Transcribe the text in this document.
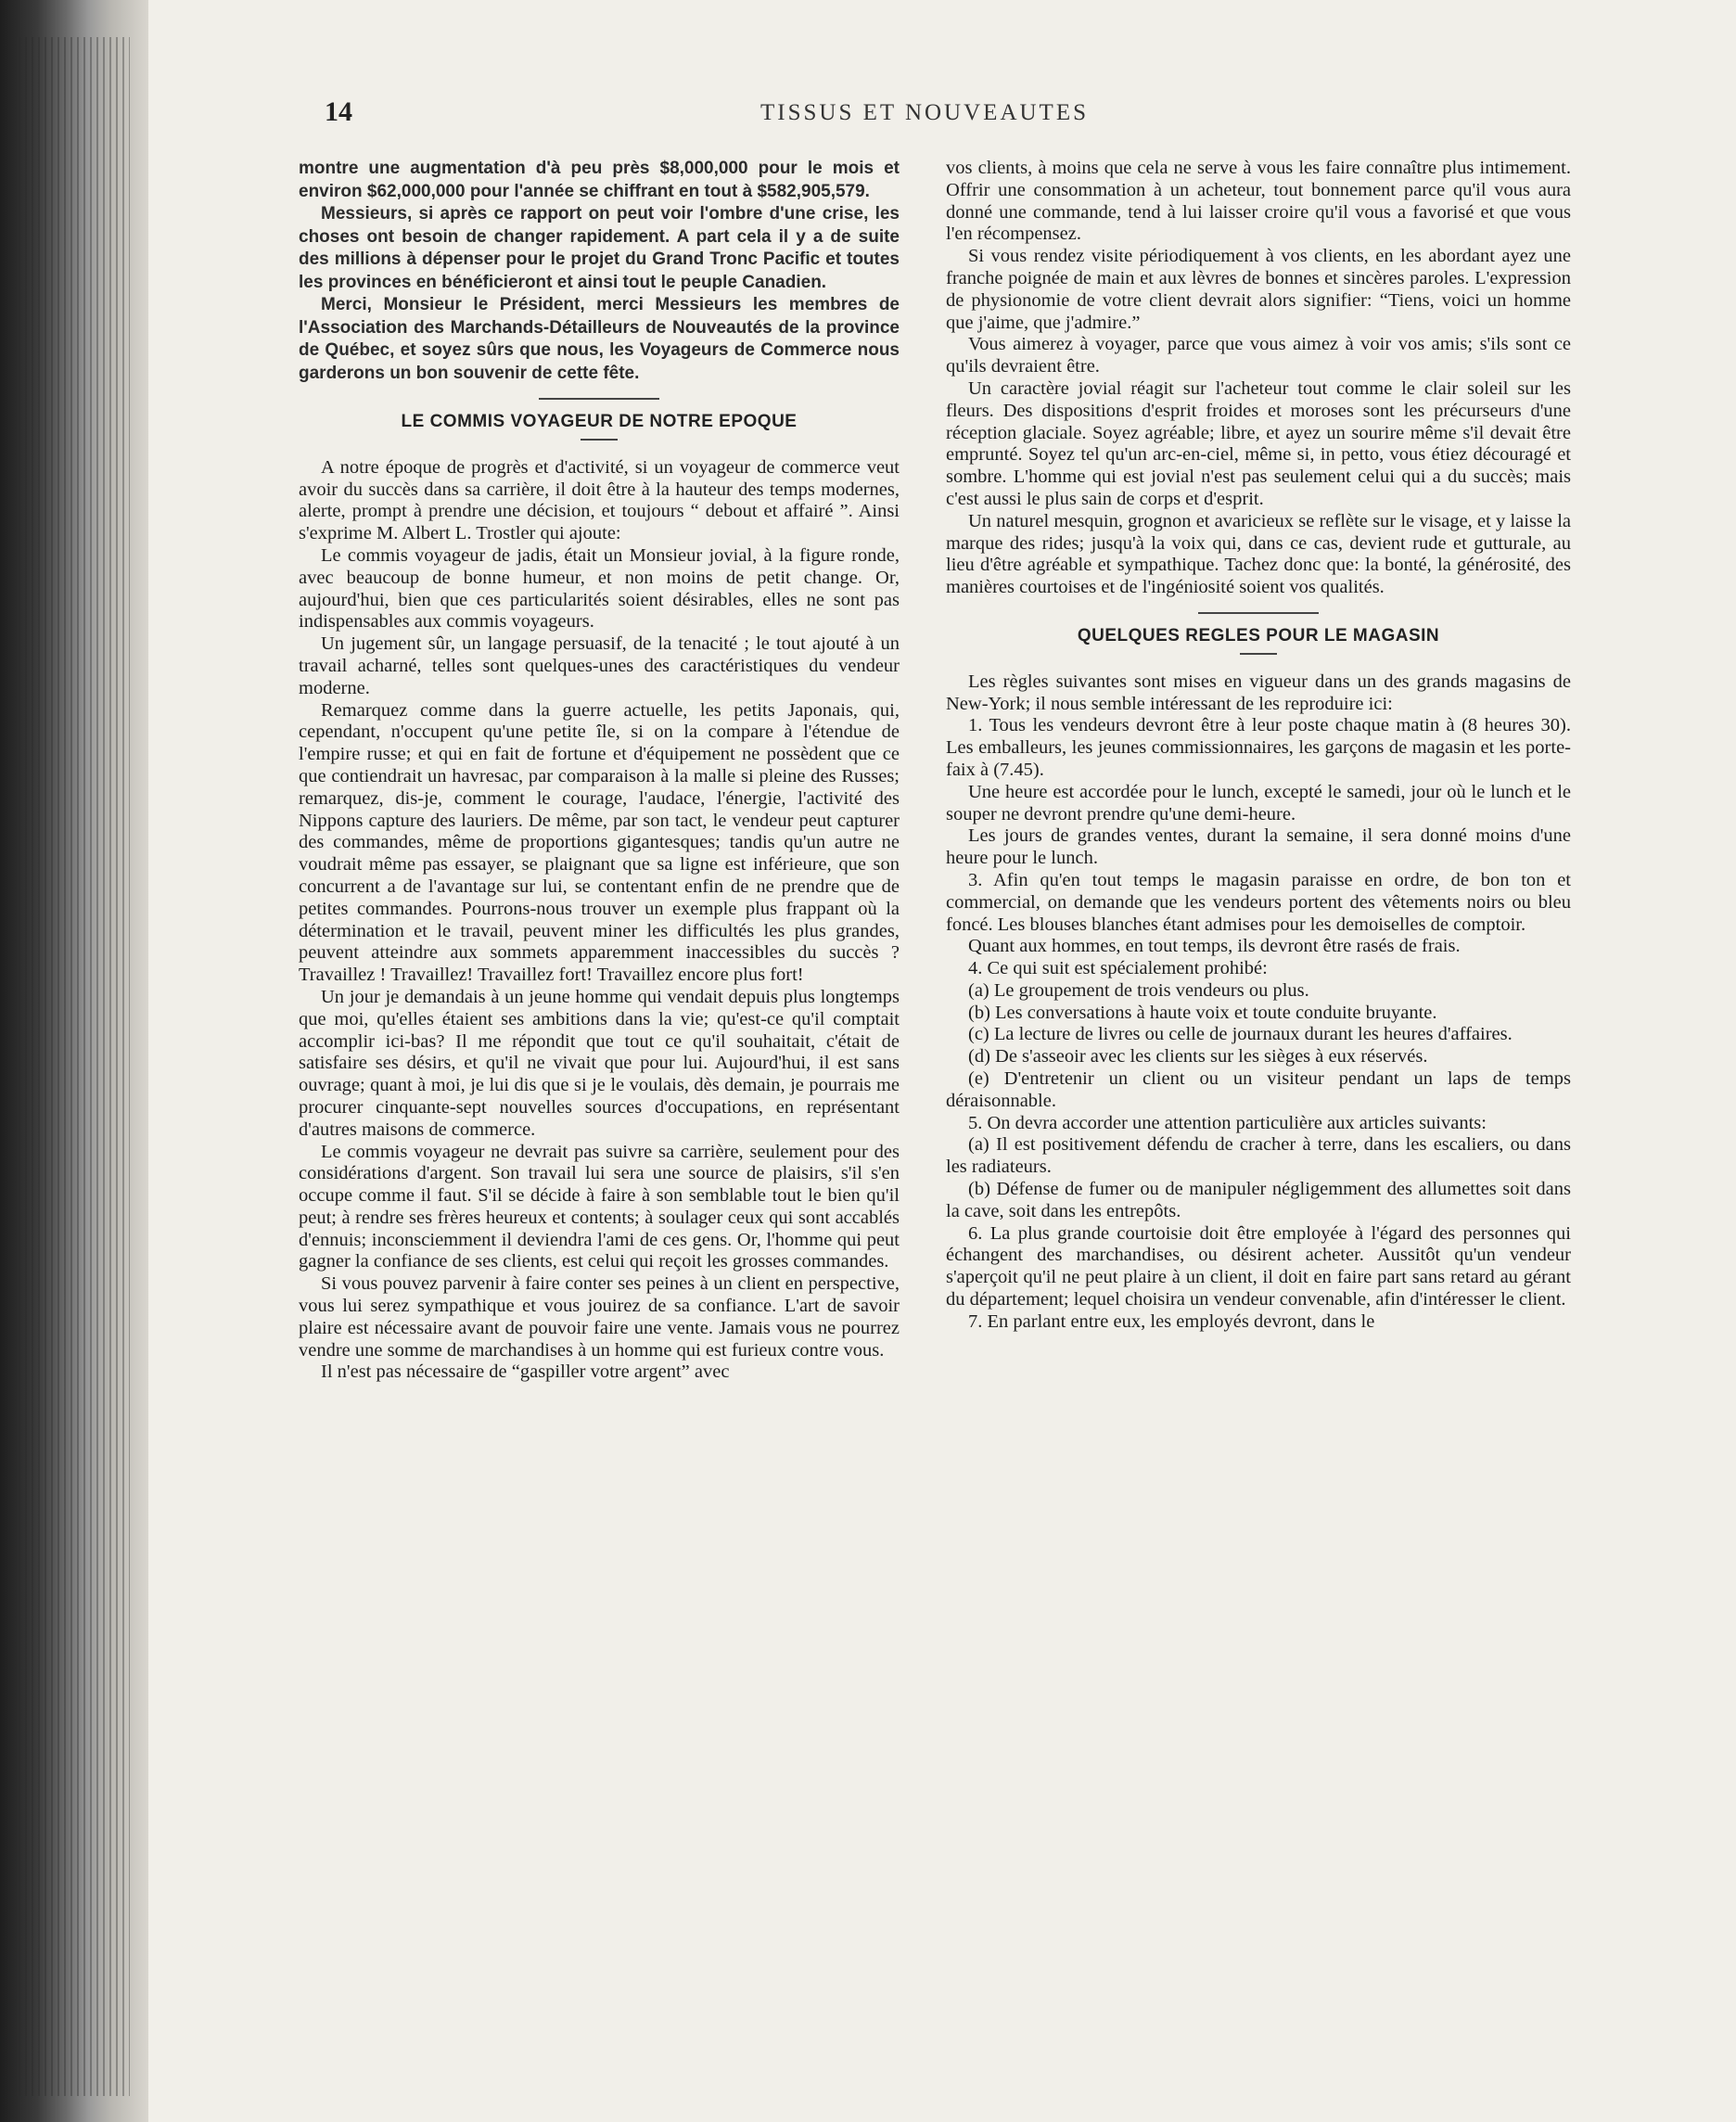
14	TISSUS ET NOUVEAUTES

montre une augmentation d'à peu près $8,000,000 pour le mois et environ $62,000,000 pour l'année se chiffrant en tout à $582,905,579.

Messieurs, si après ce rapport on peut voir l'ombre d'une crise, les choses ont besoin de changer rapidement. A part cela il y a de suite des millions à dépenser pour le projet du Grand Tronc Pacific et toutes les provinces en bénéficieront et ainsi tout le peuple Canadien.

Merci, Monsieur le Président, merci Messieurs les membres de l'Association des Marchands-Détailleurs de Nouveautés de la province de Québec, et soyez sûrs que nous, les Voyageurs de Commerce nous garderons un bon souvenir de cette fête.

LE COMMIS VOYAGEUR DE NOTRE EPOQUE

A notre époque de progrès et d'activité, si un voyageur de commerce veut avoir du succès dans sa carrière, il doit être à la hauteur des temps modernes, alerte, prompt à prendre une décision, et toujours “ debout et affairé ”. Ainsi s'exprime M. Albert L. Trostler qui ajoute:

Le commis voyageur de jadis, était un Monsieur jovial, à la figure ronde, avec beaucoup de bonne humeur, et non moins de petit change. Or, aujourd'hui, bien que ces particularités soient désirables, elles ne sont pas indispensables aux commis voyageurs.

Un jugement sûr, un langage persuasif, de la tenacité ; le tout ajouté à un travail acharné, telles sont quelques-unes des caractéristiques du vendeur moderne.

Remarquez comme dans la guerre actuelle, les petits Japonais, qui, cependant, n'occupent qu'une petite île, si on la compare à l'étendue de l'empire russe; et qui en fait de fortune et d'équipement ne possèdent que ce que contiendrait un havresac, par comparaison à la malle si pleine des Russes; remarquez, dis-je, comment le courage, l'audace, l'énergie, l'activité des Nippons capture des lauriers. De même, par son tact, le vendeur peut capturer des commandes, même de proportions gigantesques; tandis qu'un autre ne voudrait même pas essayer, se plaignant que sa ligne est inférieure, que son concurrent a de l'avantage sur lui, se contentant enfin de ne prendre que de petites commandes. Pourrons-nous trouver un exemple plus frappant où la détermination et le travail, peuvent miner les difficultés les plus grandes, peuvent atteindre aux sommets apparemment inaccessibles du succès ? Travaillez ! Travaillez! Travaillez fort! Travaillez encore plus fort!

Un jour je demandais à un jeune homme qui vendait depuis plus longtemps que moi, qu'elles étaient ses ambitions dans la vie; qu'est-ce qu'il comptait accomplir ici-bas? Il me répondit que tout ce qu'il souhaitait, c'était de satisfaire ses désirs, et qu'il ne vivait que pour lui. Aujourd'hui, il est sans ouvrage; quant à moi, je lui dis que si je le voulais, dès demain, je pourrais me procurer cinquante-sept nouvelles sources d'occupations, en représentant d'autres maisons de commerce.

Le commis voyageur ne devrait pas suivre sa carrière, seulement pour des considérations d'argent. Son travail lui sera une source de plaisirs, s'il s'en occupe comme il faut. S'il se décide à faire à son semblable tout le bien qu'il peut; à rendre ses frères heureux et contents; à soulager ceux qui sont accablés d'ennuis; inconsciemment il deviendra l'ami de ces gens. Or, l'homme qui peut gagner la confiance de ses clients, est celui qui reçoit les grosses commandes.

Si vous pouvez parvenir à faire conter ses peines à un client en perspective, vous lui serez sympathique et vous jouirez de sa confiance. L'art de savoir plaire est nécessaire avant de pouvoir faire une vente. Jamais vous ne pourrez vendre une somme de marchandises à un homme qui est furieux contre vous.

Il n'est pas nécessaire de “gaspiller votre argent” avec

vos clients, à moins que cela ne serve à vous les faire connaître plus intimement. Offrir une consommation à un acheteur, tout bonnement parce qu'il vous aura donné une commande, tend à lui laisser croire qu'il vous a favorisé et que vous l'en récompensez.

Si vous rendez visite périodiquement à vos clients, en les abordant ayez une franche poignée de main et aux lèvres de bonnes et sincères paroles. L'expression de physionomie de votre client devrait alors signifier: “Tiens, voici un homme que j'aime, que j'admire.”

Vous aimerez à voyager, parce que vous aimez à voir vos amis; s'ils sont ce qu'ils devraient être.

Un caractère jovial réagit sur l'acheteur tout comme le clair soleil sur les fleurs. Des dispositions d'esprit froides et moroses sont les précurseurs d'une réception glaciale. Soyez agréable; libre, et ayez un sourire même s'il devait être emprunté. Soyez tel qu'un arc-en-ciel, même si, in petto, vous étiez découragé et sombre. L'homme qui est jovial n'est pas seulement celui qui a du succès; mais c'est aussi le plus sain de corps et d'esprit.

Un naturel mesquin, grognon et avaricieux se reflète sur le visage, et y laisse la marque des rides; jusqu'à la voix qui, dans ce cas, devient rude et gutturale, au lieu d'être agréable et sympathique. Tachez donc que: la bonté, la générosité, des manières courtoises et de l'ingéniosité soient vos qualités.

QUELQUES REGLES POUR LE MAGASIN

Les règles suivantes sont mises en vigueur dans un des grands magasins de New-York; il nous semble intéressant de les reproduire ici:

1. Tous les vendeurs devront être à leur poste chaque matin à (8 heures 30). Les emballeurs, les jeunes commissionnaires, les garçons de magasin et les porte-faix à (7.45).

Une heure est accordée pour le lunch, excepté le samedi, jour où le lunch et le souper ne devront prendre qu'une demi-heure.

Les jours de grandes ventes, durant la semaine, il sera donné moins d'une heure pour le lunch.

3. Afin qu'en tout temps le magasin paraisse en ordre, de bon ton et commercial, on demande que les vendeurs portent des vêtements noirs ou bleu foncé. Les blouses blanches étant admises pour les demoiselles de comptoir.

Quant aux hommes, en tout temps, ils devront être rasés de frais.

4. Ce qui suit est spécialement prohibé:

(a) Le groupement de trois vendeurs ou plus.

(b) Les conversations à haute voix et toute conduite bruyante.

(c) La lecture de livres ou celle de journaux durant les heures d'affaires.

(d) De s'asseoir avec les clients sur les sièges à eux réservés.

(e) D'entretenir un client ou un visiteur pendant un laps de temps déraisonnable.

5. On devra accorder une attention particulière aux articles suivants:

(a) Il est positivement défendu de cracher à terre, dans les escaliers, ou dans les radiateurs.

(b) Défense de fumer ou de manipuler négligemment des allumettes soit dans la cave, soit dans les entrepôts.

6. La plus grande courtoisie doit être employée à l'égard des personnes qui échangent des marchandises, ou désirent acheter. Aussitôt qu'un vendeur s'aperçoit qu'il ne peut plaire à un client, il doit en faire part sans retard au gérant du département; lequel choisira un vendeur convenable, afin d'intéresser le client.

7. En parlant entre eux, les employés devront, dans le
